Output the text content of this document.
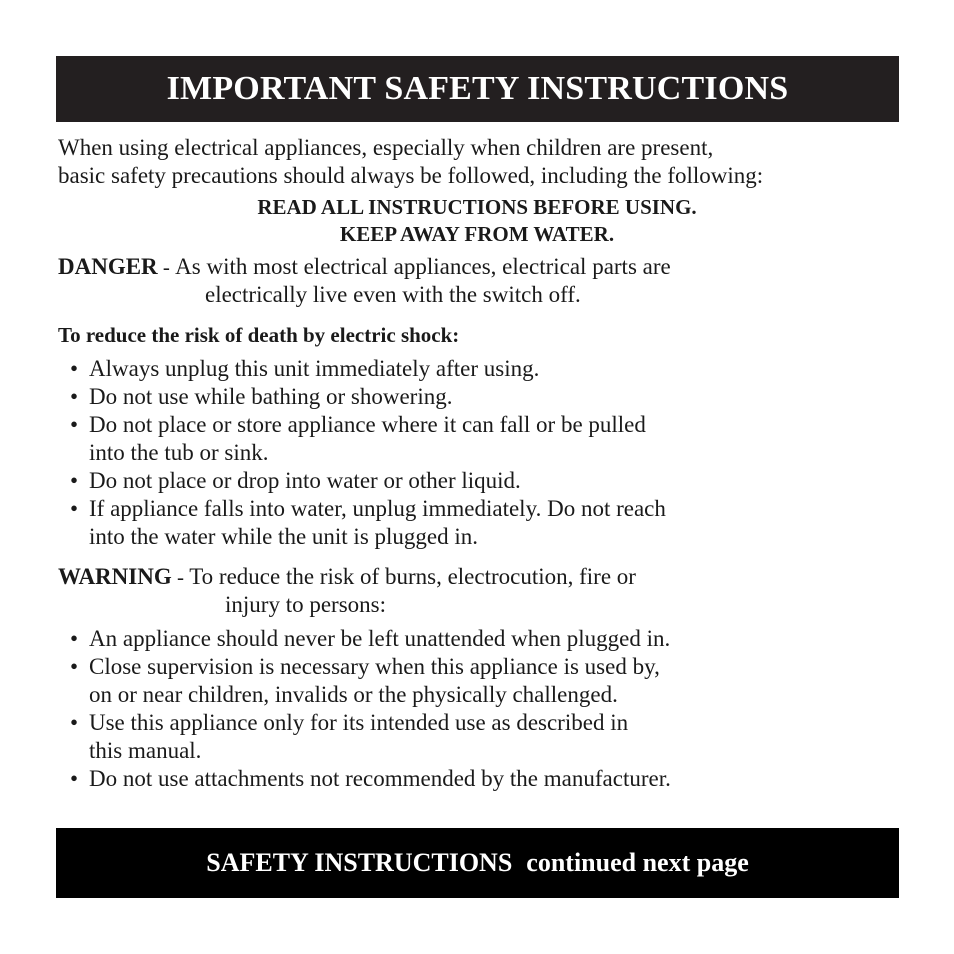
IMPORTANT SAFETY INSTRUCTIONS

When using electrical appliances, especially when children are present,

basic safety precautions should always be followed, including the following:

READ ALL INSTRUCTIONS BEFORE USING.
KEEP AWAY FROM WATER.
DANGER - As with most electrical appliances, electrical parts are
electrically live even with the switch off.

To reduce the risk of death by electric shock:

• Always unplug this unit immediately after using.
• Do not use while bathing or showering.
• Do not place or store appliance where it can fall or be pulled
into the tub or sink.
• Do not place or drop into water or other liquid.
• If appliance falls into water, unplug immediately. Do not reach
into the water while the unit is plugged in.
WARNING - To reduce the risk of burns, electrocution, fire or
injury to persons:
• An appliance should never be left unattended when plugged in.
• Close supervision is necessary when this appliance is used by,
on or near children, invalids or the physically challenged.
• Use this appliance only for its intended use as described in
this manual.
• Do not use attachments not recommended by the manufacturer.
SAFETY INSTRUCTIONS continued next page
